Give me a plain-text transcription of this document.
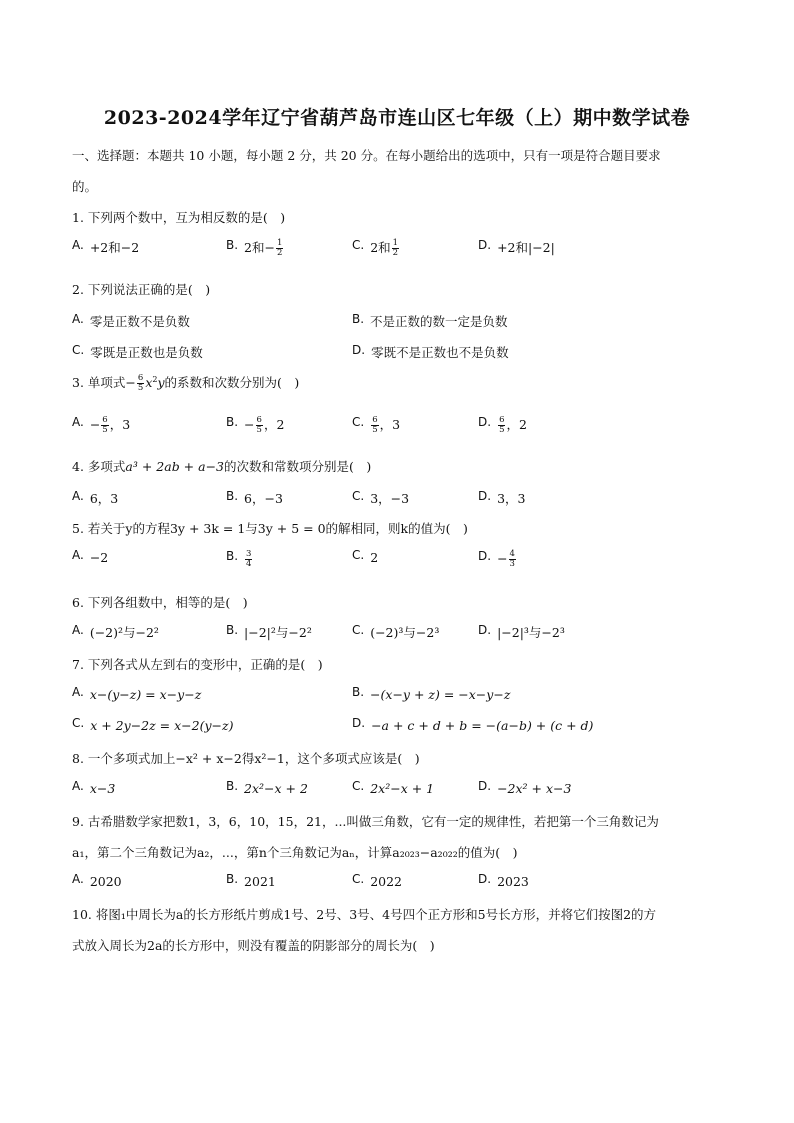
2023-2024学年辽宁省葫芦岛市连山区七年级（上）期中数学试卷
一、选择题：本题共 10 小题，每小题 2 分，共 20 分。在每小题给出的选项中，只有一项是符合题目要求
的。
1. 下列两个数中，互为相反数的是(　)
A. +2和−2	B. 2和− $\frac{1}{2}$	C. 2和 $\frac{1}{2}$	D. +2和|−2|
2. 下列说法正确的是(　)
A. 零是正数不是负数	B. 不是正数的数一定是负数
C. 零既是正数也是负数	D. 零既不是正数也不是负数
3. 单项式− $\frac{6}{5} x^2y$的系数和次数分别为(　)
A. − $\frac{6}{5}$ ，3	B. − $\frac{6}{5}$ ，2	C. $\frac{6}{5}$ ，3	D. $\frac{6}{5}$ ，2
4. 多项式a³ + 2ab + a−3的次数和常数项分别是(　)
A. 6，3	B. 6，−3	C. 3，−3	D. 3，3
5. 若关于y的方程3y + 3k = 1与3y + 5 = 0的解相同，则k的值为(　)
A. −2	B. $\frac{3}{4}$	C. 2	D. − $\frac{4}{3}$
6. 下列各组数中，相等的是(　)
A. (−2)²与−2²	B. |−2|²与−2²	C. (−2)³与−2³	D. |−2|³与−2³
7. 下列各式从左到右的变形中，正确的是(　)
A. x−(y−z) = x−y−z	B. −(x−y + z) = −x−y−z
C. x + 2y−2z = x−2(y−z)	D. −a + c + d + b = −(a−b) + (c + d)
8. 一个多项式加上−x² + x−2得x²−1，这个多项式应该是(　)
A. x−3	B. 2x²−x + 2	C. 2x²−x + 1	D. −2x² + x−3
9. 古希腊数学家把数1，3，6，10，15，21，...叫做三角数，它有一定的规律性，若把第一个三角数记为
a₁，第二个三角数记为a₂，...，第n个三角数记为aₙ，计算a₂₀₂₃−a₂₀₂₂的值为(　)
A. 2020	B. 2021	C. 2022	D. 2023
10. 将图₁中周长为a的长方形纸片剪成1号、2号、3号、4号四个正方形和5号长方形，并将它们按图2的方
式放入周长为2a的长方形中，则没有覆盖的阴影部分的周长为(　)
